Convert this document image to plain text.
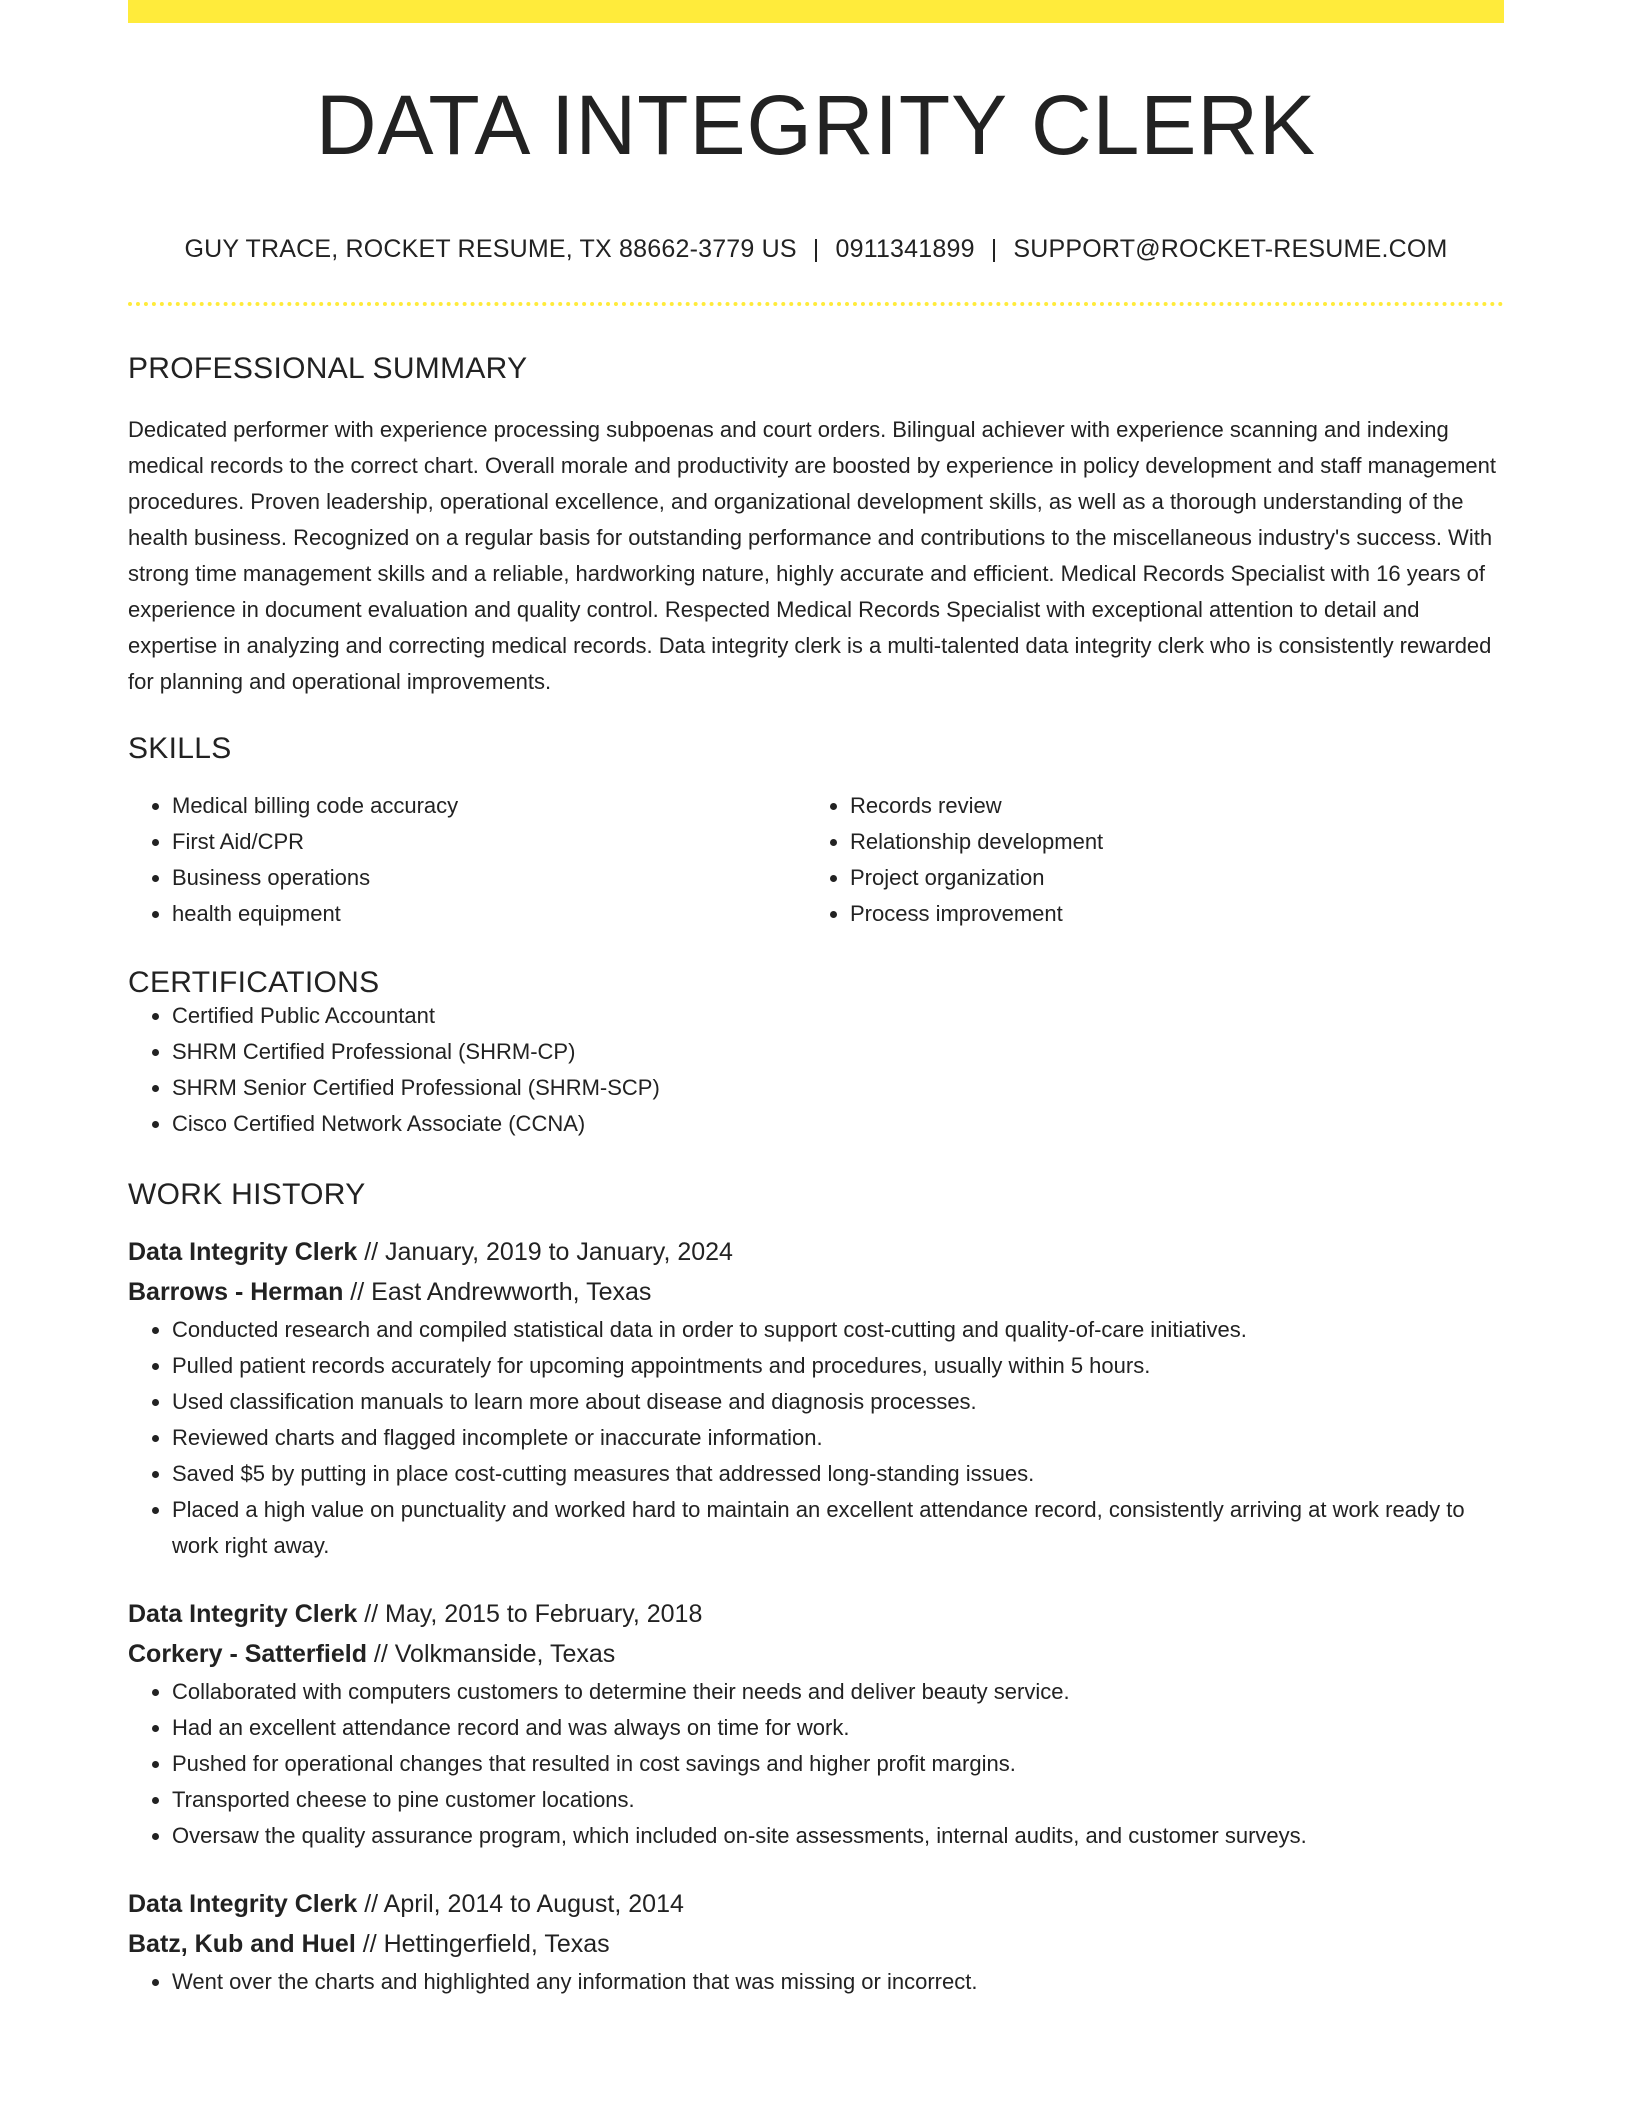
DATA INTEGRITY CLERK
GUY TRACE, ROCKET RESUME, TX 88662-3779 US | 0911341899 | SUPPORT@ROCKET-RESUME.COM
PROFESSIONAL SUMMARY

Dedicated performer with experience processing subpoenas and court orders. Bilingual achiever with experience scanning and indexing medical records to the correct chart. Overall morale and productivity are boosted by experience in policy development and staff management procedures. Proven leadership, operational excellence, and organizational development skills, as well as a thorough understanding of the health business. Recognized on a regular basis for outstanding performance and contributions to the miscellaneous industry's success. With strong time management skills and a reliable, hardworking nature, highly accurate and efficient. Medical Records Specialist with 16 years of experience in document evaluation and quality control. Respected Medical Records Specialist with exceptional attention to detail and expertise in analyzing and correcting medical records. Data integrity clerk is a multi-talented data integrity clerk who is consistently rewarded for planning and operational improvements.

SKILLS
• Medical billing code accuracy
• First Aid/CPR
• Business operations
• health equipment
• Records review
• Relationship development
• Project organization
• Process improvement
CERTIFICATIONS
• Certified Public Accountant
• SHRM Certified Professional (SHRM-CP)
• SHRM Senior Certified Professional (SHRM-SCP)
• Cisco Certified Network Associate (CCNA)
WORK HISTORY
Data Integrity Clerk // January, 2019 to January, 2024
Barrows - Herman // East Andrewworth, Texas
• Conducted research and compiled statistical data in order to support cost-cutting and quality-of-care initiatives.
• Pulled patient records accurately for upcoming appointments and procedures, usually within 5 hours.
• Used classification manuals to learn more about disease and diagnosis processes.
• Reviewed charts and flagged incomplete or inaccurate information.
• Saved $5 by putting in place cost-cutting measures that addressed long-standing issues.
• Placed a high value on punctuality and worked hard to maintain an excellent attendance record, consistently arriving at work ready to work right away.
Data Integrity Clerk // May, 2015 to February, 2018
Corkery - Satterfield // Volkmanside, Texas
• Collaborated with computers customers to determine their needs and deliver beauty service.
• Had an excellent attendance record and was always on time for work.
• Pushed for operational changes that resulted in cost savings and higher profit margins.
• Transported cheese to pine customer locations.
• Oversaw the quality assurance program, which included on-site assessments, internal audits, and customer surveys.
Data Integrity Clerk // April, 2014 to August, 2014
Batz, Kub and Huel // Hettingerfield, Texas
• Went over the charts and highlighted any information that was missing or incorrect.
